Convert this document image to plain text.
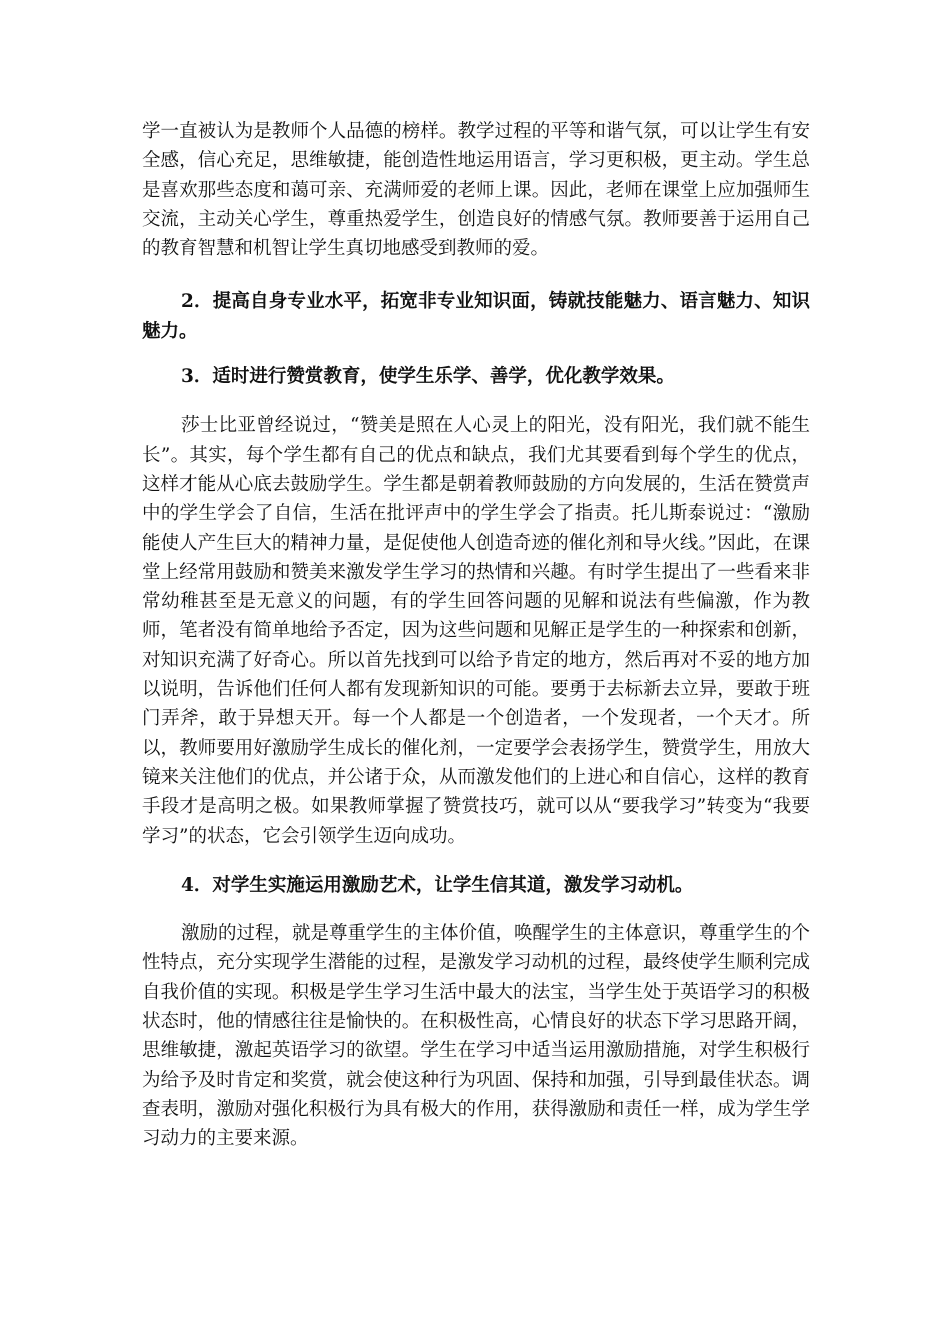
学一直被认为是教师个人品德的榜样。教学过程的平等和谐气氛，可以让学生有安全感，信心充足，思维敏捷，能创造性地运用语言，学习更积极，更主动。学生总是喜欢那些态度和蔼可亲、充满师爱的老师上课。因此，老师在课堂上应加强师生交流，主动关心学生，尊重热爱学生，创造良好的情感气氛。教师要善于运用自己的教育智慧和机智让学生真切地感受到教师的爱。

2．提高自身专业水平，拓宽非专业知识面，铸就技能魅力、语言魅力、知识魅力。

3．适时进行赞赏教育，使学生乐学、善学，优化教学效果。

莎士比亚曾经说过，“赞美是照在人心灵上的阳光，没有阳光，我们就不能生长”。其实，每个学生都有自己的优点和缺点，我们尤其要看到每个学生的优点，这样才能从心底去鼓励学生。学生都是朝着教师鼓励的方向发展的，生活在赞赏声中的学生学会了自信，生活在批评声中的学生学会了指责。托儿斯泰说过：“激励能使人产生巨大的精神力量，是促使他人创造奇迹的催化剂和导火线。”因此，在课堂上经常用鼓励和赞美来激发学生学习的热情和兴趣。有时学生提出了一些看来非常幼稚甚至是无意义的问题，有的学生回答问题的见解和说法有些偏激，作为教师，笔者没有简单地给予否定，因为这些问题和见解正是学生的一种探索和创新，对知识充满了好奇心。所以首先找到可以给予肯定的地方，然后再对不妥的地方加以说明，告诉他们任何人都有发现新知识的可能。要勇于去标新去立异，要敢于班门弄斧，敢于异想天开。每一个人都是一个创造者，一个发现者，一个天才。所以，教师要用好激励学生成长的催化剂，一定要学会表扬学生，赞赏学生，用放大镜来关注他们的优点，并公诸于众，从而激发他们的上进心和自信心，这样的教育手段才是高明之极。如果教师掌握了赞赏技巧，就可以从“要我学习”转变为“我要学习”的状态，它会引领学生迈向成功。

4．对学生实施运用激励艺术，让学生信其道，激发学习动机。

激励的过程，就是尊重学生的主体价值，唤醒学生的主体意识，尊重学生的个性特点，充分实现学生潜能的过程，是激发学习动机的过程，最终使学生顺利完成自我价值的实现。积极是学生学习生活中最大的法宝，当学生处于英语学习的积极状态时，他的情感往往是愉快的。在积极性高，心情良好的状态下学习思路开阔，思维敏捷，激起英语学习的欲望。学生在学习中适当运用激励措施，对学生积极行为给予及时肯定和奖赏，就会使这种行为巩固、保持和加强，引导到最佳状态。调查表明，激励对强化积极行为具有极大的作用，获得激励和责任一样，成为学生学习动力的主要来源。
